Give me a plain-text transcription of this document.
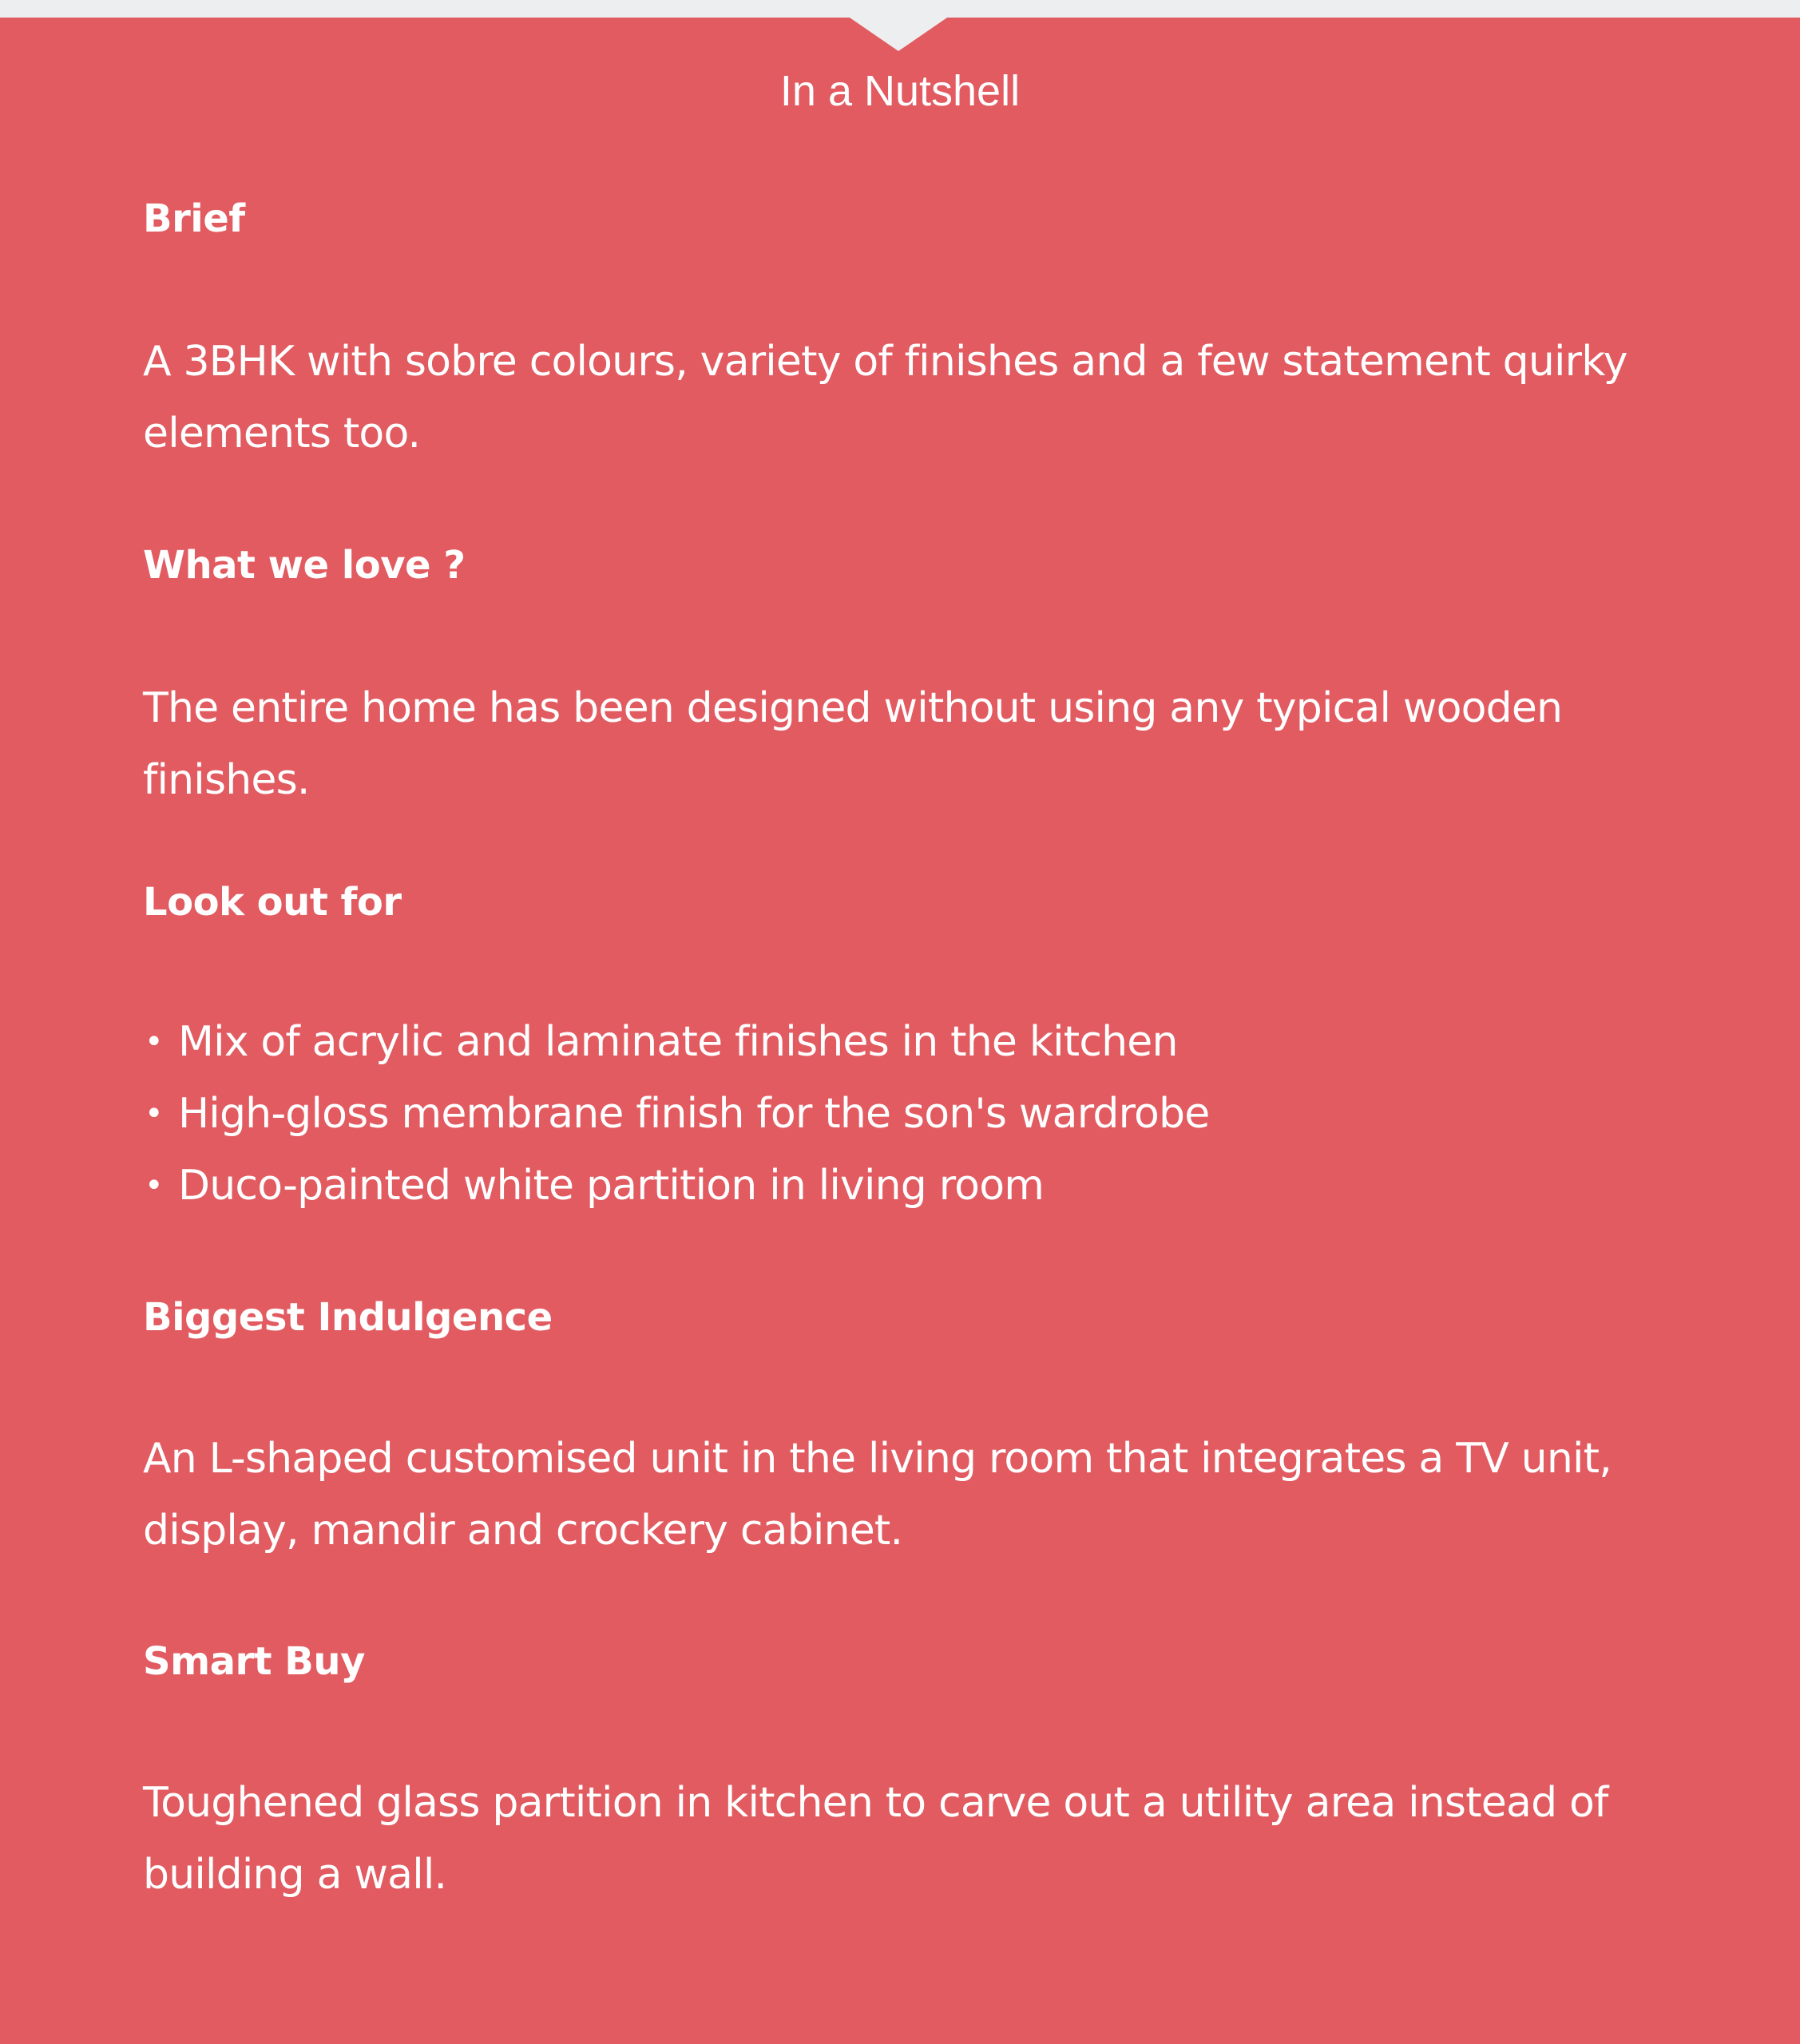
In a Nutshell
Brief

A 3BHK with sobre colours, variety of finishes and a few statement quirky elements too.

What we love ?

The entire home has been designed without using any typical wooden finishes.

Look out for
• Mix of acrylic and laminate finishes in the kitchen
• High-gloss membrane finish for the son's wardrobe
• Duco-painted white partition in living room
Biggest Indulgence

An L-shaped customised unit in the living room that integrates a TV unit, display, mandir and crockery cabinet.

Smart Buy

Toughened glass partition in kitchen to carve out a utility area instead of building a wall.
